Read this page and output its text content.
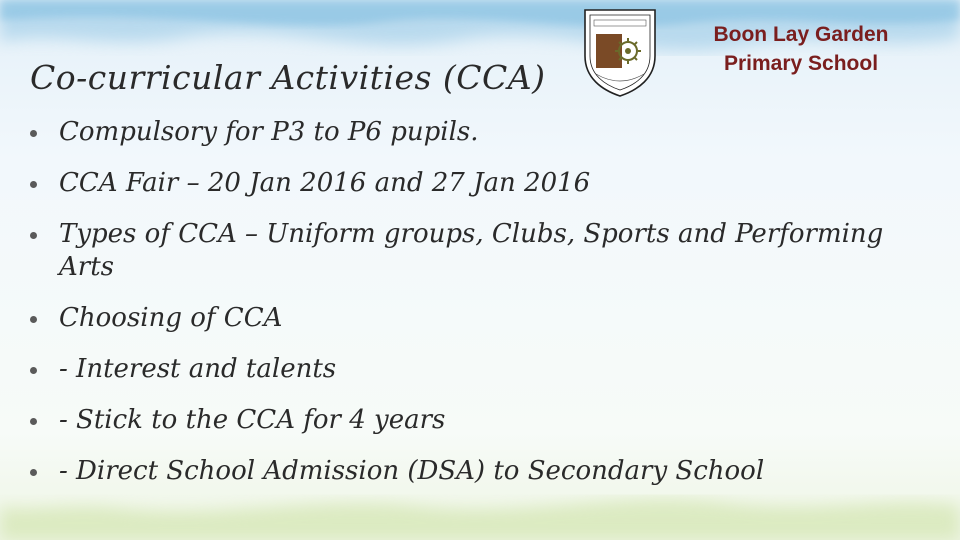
Co-curricular Activities (CCA)
Boon Lay Garden
Primary School
Compulsory for P3 to P6 pupils.
CCA Fair – 20 Jan 2016 and 27 Jan 2016
Types of CCA – Uniform groups, Clubs, Sports and Performing Arts
Choosing of CCA
- Interest and talents
- Stick to the CCA for 4 years
- Direct School Admission (DSA) to Secondary School
